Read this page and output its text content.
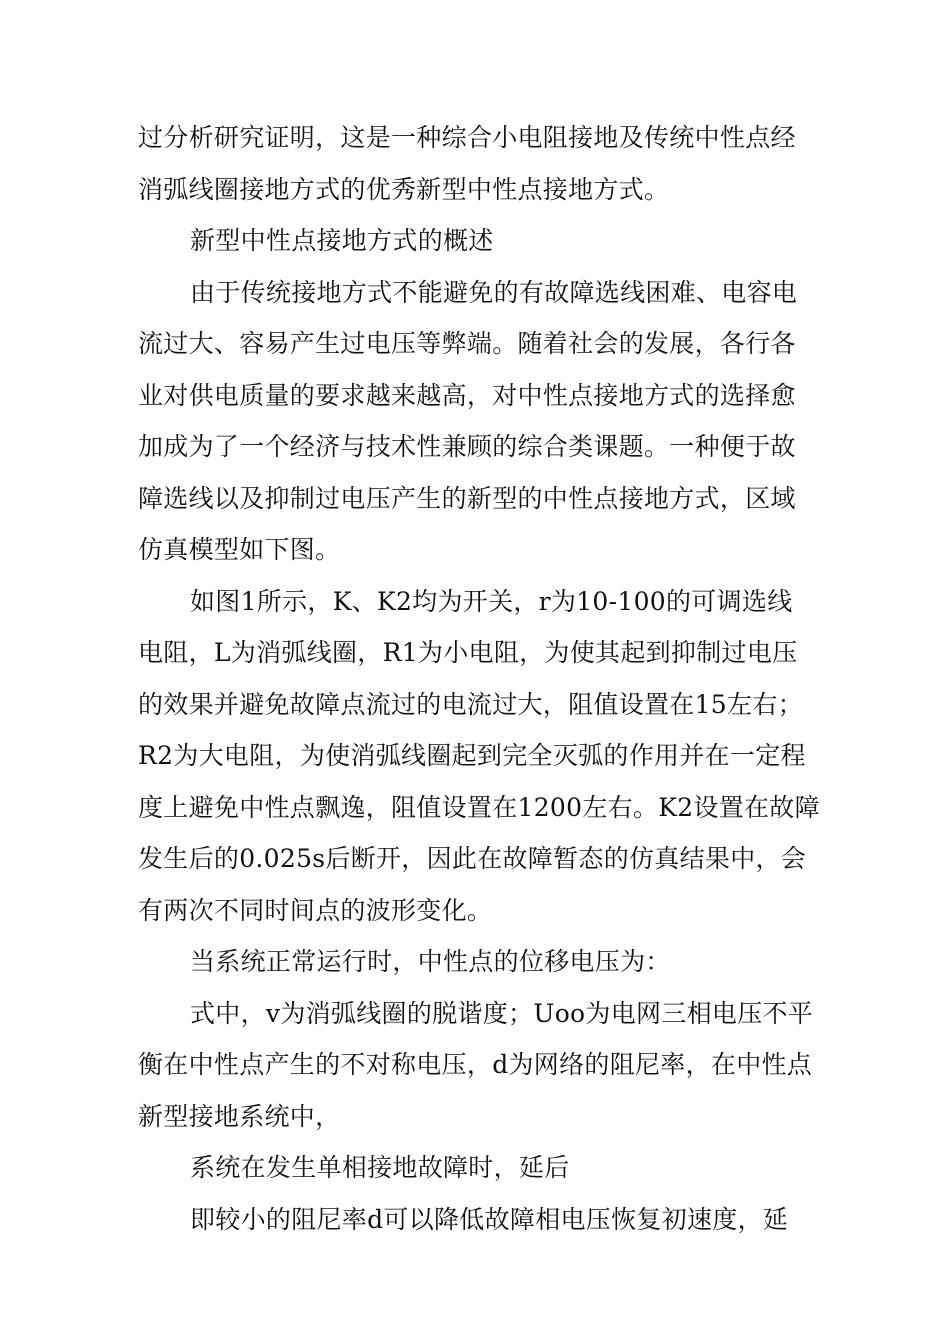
过分析研究证明，这是一种综合小电阻接地及传统中性点经
消弧线圈接地方式的优秀新型中性点接地方式。
新型中性点接地方式的概述
由于传统接地方式不能避免的有故障选线困难、电容电
流过大、容易产生过电压等弊端。随着社会的发展，各行各
业对供电质量的要求越来越高，对中性点接地方式的选择愈
加成为了一个经济与技术性兼顾的综合类课题。一种便于故
障选线以及抑制过电压产生的新型的中性点接地方式，区域
仿真模型如下图。
如图1所示，K、K2均为开关，r为10-100的可调选线
电阻，L为消弧线圈，R1为小电阻，为使其起到抑制过电压
的效果并避免故障点流过的电流过大，阻值设置在15左右；
R2为大电阻，为使消弧线圈起到完全灭弧的作用并在一定程
度上避免中性点飘逸，阻值设置在1200左右。K2设置在故障
发生后的0.025s后断开，因此在故障暂态的仿真结果中，会
有两次不同时间点的波形变化。
当系统正常运行时，中性点的位移电压为：
式中，v为消弧线圈的脱谐度；Uoo为电网三相电压不平
衡在中性点产生的不对称电压，d为网络的阻尼率，在中性点
新型接地系统中，
系统在发生单相接地故障时，延后
即较小的阻尼率d可以降低故障相电压恢复初速度，延
